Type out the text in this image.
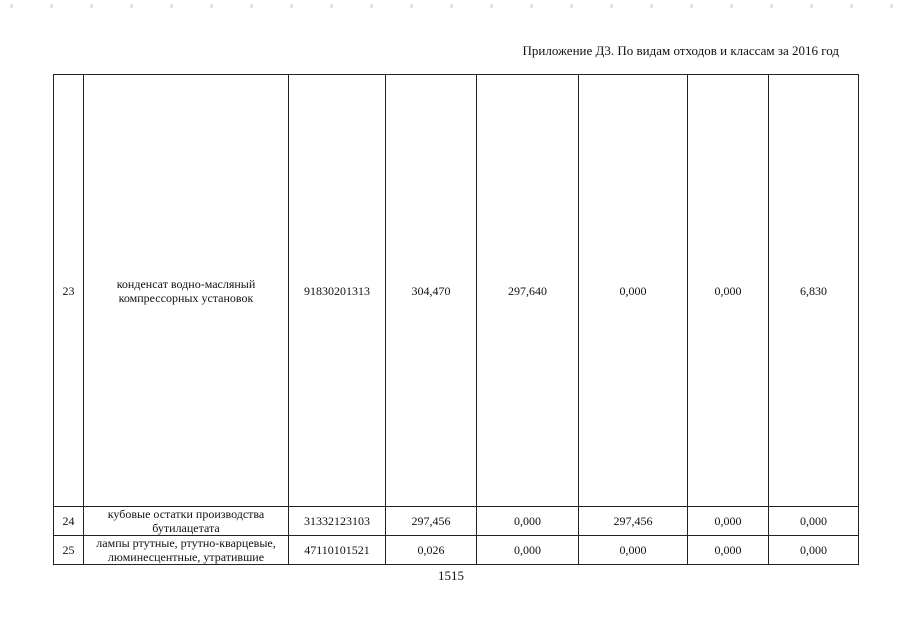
Приложение Д3. По видам отходов и классам за 2016 год
23	конденсат водно-масляный компрессорных установок	91830201313	304,470	297,640	0,000	0,000	6,830
24	кубовые остатки производства бутилацетата	31332123103	297,456	0,000	297,456	0,000	0,000
25	лампы ртутные, ртутно-кварцевые, люминесцентные, утратившие	47110101521	0,026	0,000	0,000	0,000	0,000
1515
